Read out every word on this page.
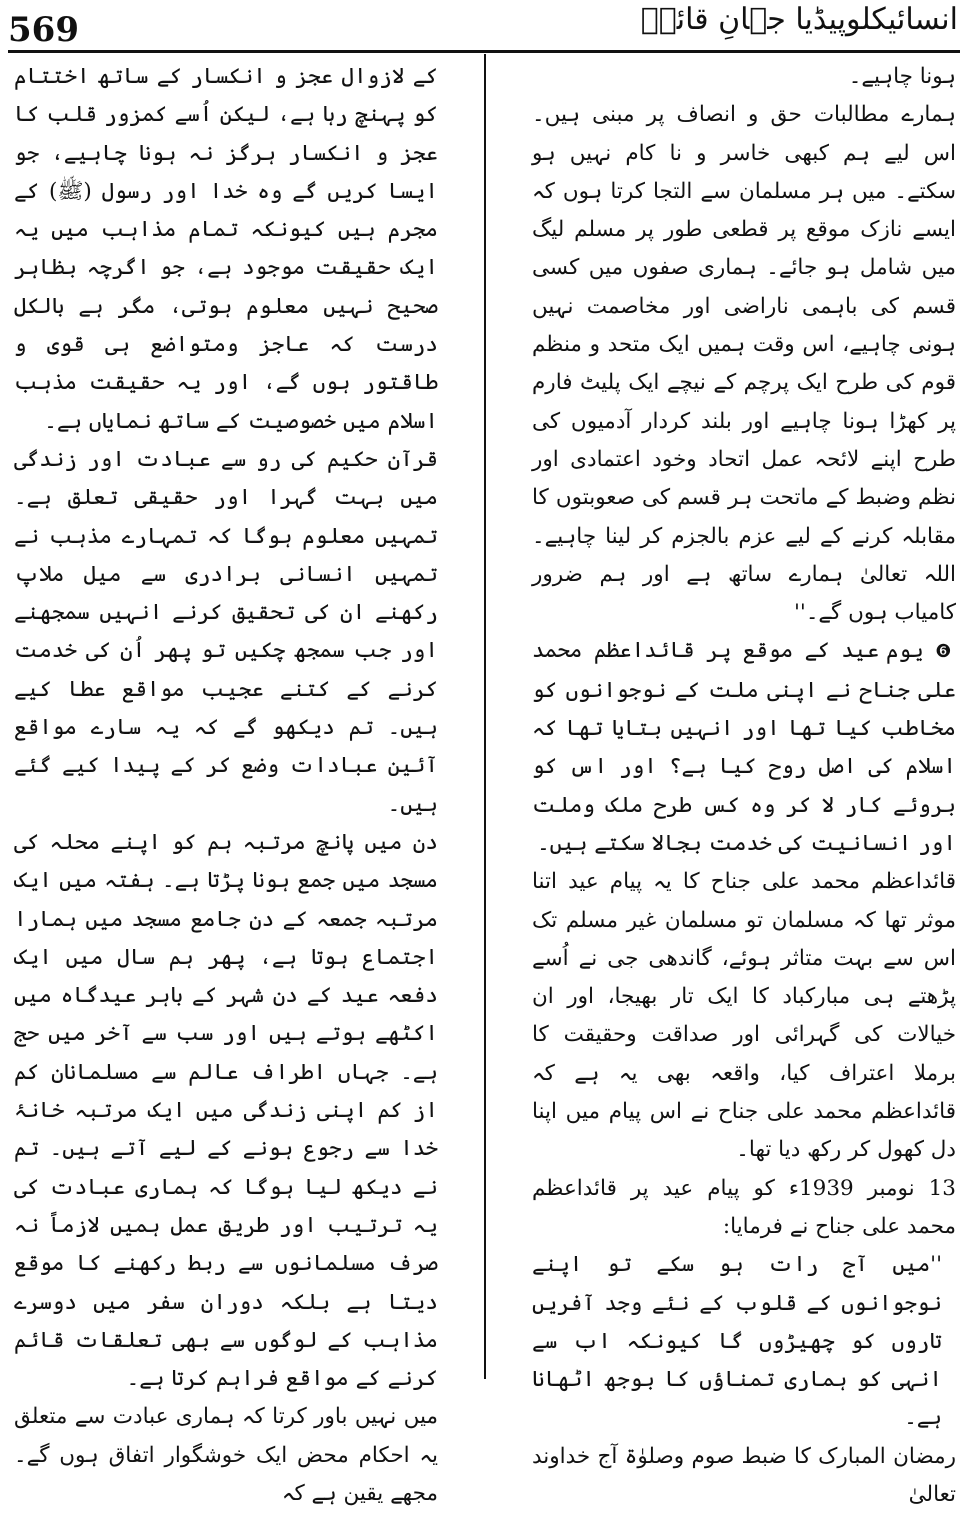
569	انسائیکلوپیڈیا جہانِ قائدؒ

ہونا چاہیے۔

ہمارے مطالبات حق و انصاف پر مبنی ہیں۔ اس لیے ہم کبھی خاسر و نا کام نہیں ہو سکتے۔ میں ہر مسلمان سے التجا کرتا ہوں کہ ایسے نازک موقع پر قطعی طور پر مسلم لیگ میں شامل ہو جائے۔ ہماری صفوں میں کسی قسم کی باہمی ناراضی اور مخاصمت نہیں ہونی چاہیے، اس وقت ہمیں ایک متحد و منظم قوم کی طرح ایک پرچم کے نیچے ایک پلیٹ فارم پر کھڑا ہونا چاہیے اور بلند کردار آدمیوں کی طرح اپنے لائحہ عمل اتحاد وخود اعتمادی اور نظم وضبط کے ماتحت ہر قسم کی صعوبتوں کا مقابلہ کرنے کے لیے عزم بالجزم کر لینا چاہیے۔ اللہ تعالیٰ ہمارے ساتھ ہے اور ہم ضرور کامیاب ہوں گے۔''

❻ یوم عید کے موقع پر قائداعظم محمد علی جناح نے اپنی ملت کے نوجوانوں کو مخاطب کیا تھا اور انہیں بتایا تھا کہ اسلام کی اصل روح کیا ہے؟ اور اس کو بروئے کار لا کر وہ کس طرح ملک وملت اور انسانیت کی خدمت بجالا سکتے ہیں۔

قائداعظم محمد علی جناح کا یہ پیام عید اتنا موثر تھا کہ مسلمان تو مسلمان غیر مسلم تک اس سے بہت متاثر ہوئے، گاندھی جی نے اُسے پڑھتے ہی مبارکباد کا ایک تار بھیجا، اور ان خیالات کی گہرائی اور صداقت وحقیقت کا برملا اعتراف کیا، واقعہ بھی یہ ہے کہ قائداعظم محمد علی جناح نے اس پیام میں اپنا دل کھول کر رکھ دیا تھا۔

13 نومبر 1939ء کو پیام عید پر قائداعظم محمد علی جناح نے فرمایا:

''میں آج رات ہو سکے تو اپنے نوجوانوں کے قلوب کے نئے وجد آفریں تاروں کو چھیڑوں گا کیونکہ اب سے انہی کو ہماری تمناؤں کا بوجھ اٹھانا ہے۔

رمضان المبارک کا ضبط صوم وصلوٰۃ آج خداوند تعالیٰ

کے لازوال عجز و انکسار کے ساتھ اختتام کو پہنچ رہا ہے، لیکن اُسے کمزور قلب کا عجز و انکسار ہرگز نہ ہونا چاہیے، جو ایسا کریں گے وہ خدا اور رسول (ﷺ) کے مجرم ہیں کیونکہ تمام مذاہب میں یہ ایک حقیقت موجود ہے، جو اگرچہ بظاہر صحیح نہیں معلوم ہوتی، مگر ہے بالکل درست کہ عاجز ومتواضع ہی قوی و طاقتور ہوں گے، اور یہ حقیقت مذہب اسلام میں خصوصیت کے ساتھ نمایاں ہے۔

قرآن حکیم کی رو سے عبادت اور زندگی میں بہت گہرا اور حقیقی تعلق ہے۔ تمہیں معلوم ہوگا کہ تمہارے مذہب نے تمہیں انسانی برادری سے میل ملاپ رکھنے ان کی تحقیق کرنے انہیں سمجھنے اور جب سمجھ چکیں تو پھر اُن کی خدمت کرنے کے کتنے عجیب مواقع عطا کیے ہیں۔ تم دیکھو گے کہ یہ سارے مواقع آئین عبادات وضع کر کے پیدا کیے گئے ہیں۔

دن میں پانچ مرتبہ ہم کو اپنے محلہ کی مسجد میں جمع ہونا پڑتا ہے۔ ہفتہ میں ایک مرتبہ جمعہ کے دن جامع مسجد میں ہمارا اجتماع ہوتا ہے، پھر ہم سال میں ایک دفعہ عید کے دن شہر کے باہر عیدگاہ میں اکٹھے ہوتے ہیں اور سب سے آخر میں حج ہے۔ جہاں اطراف عالم سے مسلمانان کم از کم اپنی زندگی میں ایک مرتبہ خانۂ خدا سے رجوع ہونے کے لیے آتے ہیں۔ تم نے دیکھ لیا ہوگا کہ ہماری عبادت کی یہ ترتیب اور طریق عمل ہمیں لازماً نہ صرف مسلمانوں سے ربط رکھنے کا موقع دیتا ہے بلکہ دوران سفر میں دوسرے مذاہب کے لوگوں سے بھی تعلقات قائم کرنے کے مواقع فراہم کرتا ہے۔

میں نہیں باور کرتا کہ ہماری عبادت سے متعلق یہ احکام محض ایک خوشگوار اتفاق ہوں گے۔ مجھے یقین ہے کہ
